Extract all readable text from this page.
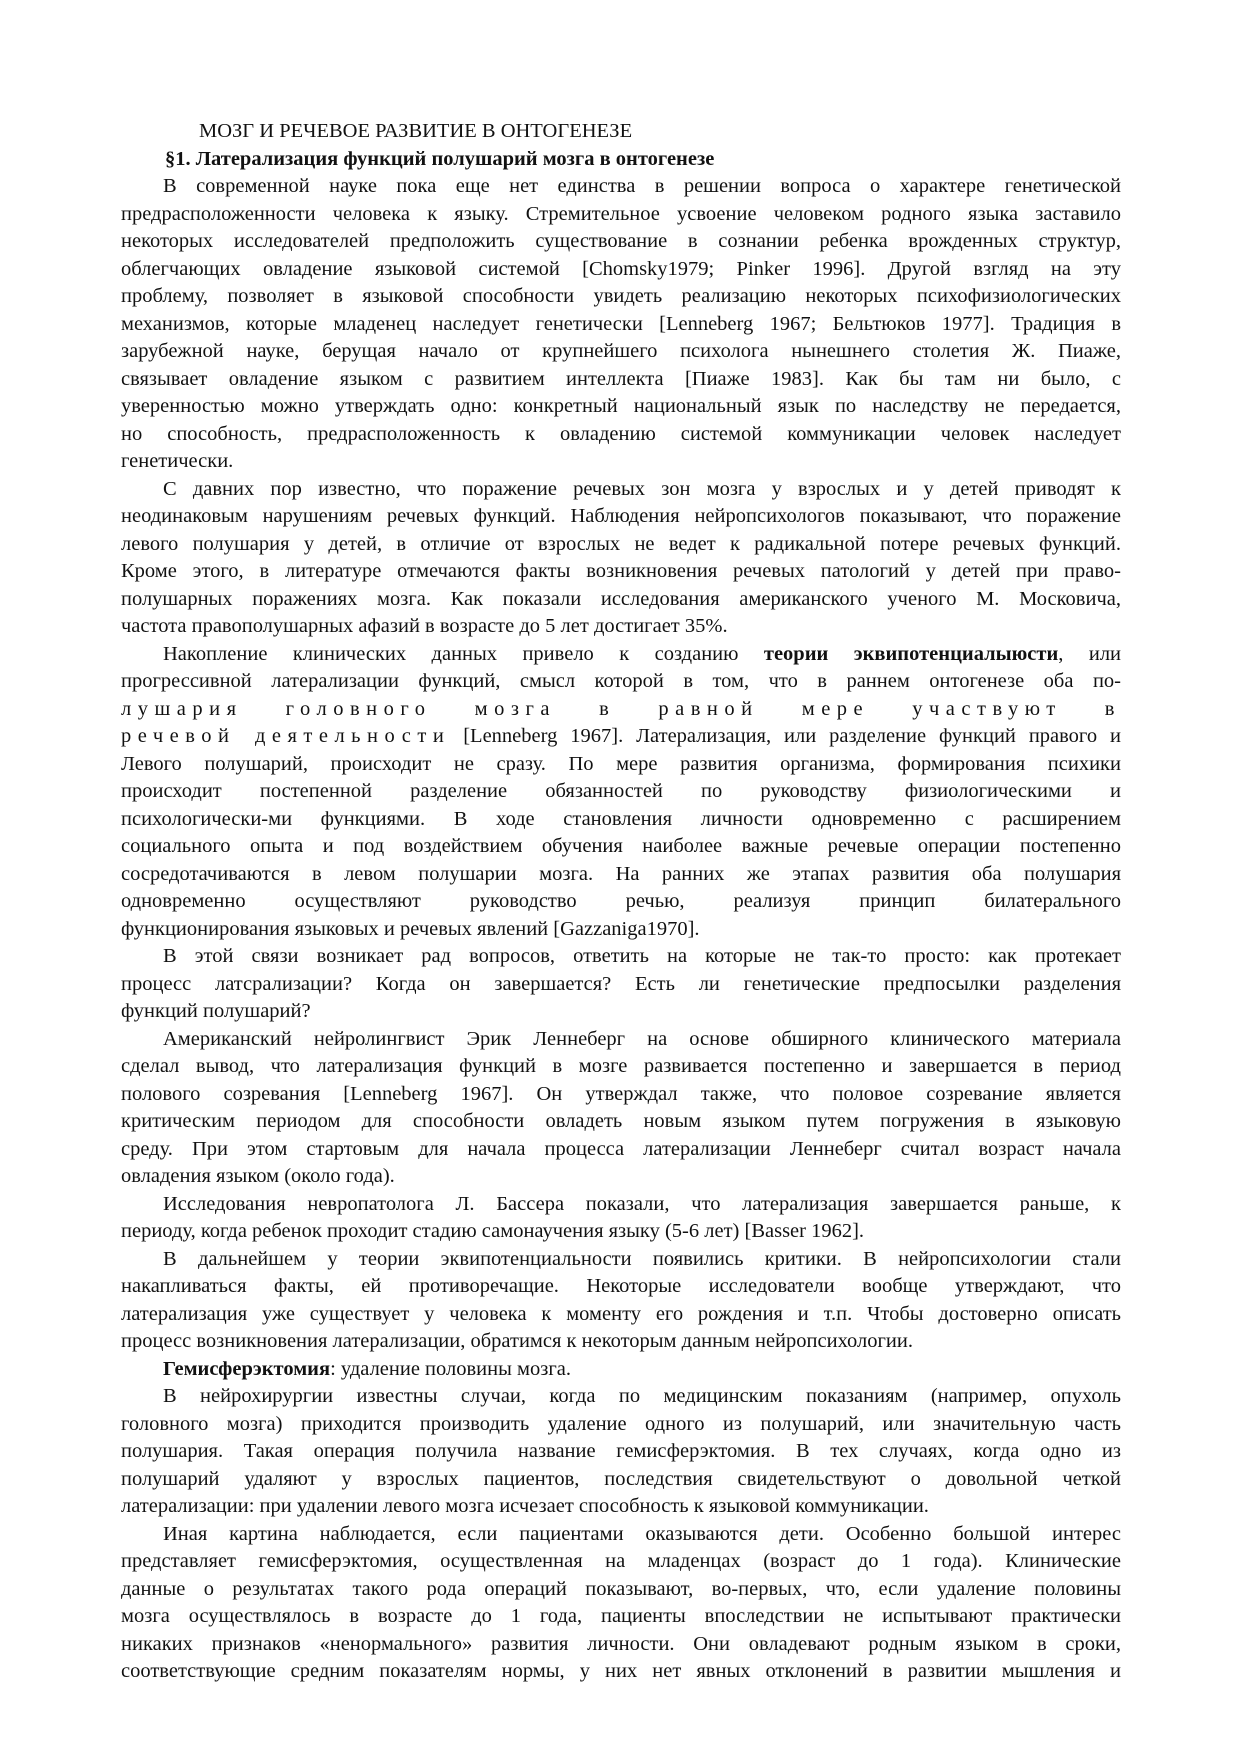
МОЗГ И РЕЧЕВОЕ РАЗВИТИЕ В ОНТОГЕНЕЗЕ
§1. Латерализация функций полушарий мозга в онтогенезе
В современной науке пока еще нет единства в решении вопроса о характере генетической
предрасположенности человека к языку. Стремительное усвоение человеком родного языка заставило
некоторых исследователей предположить существование в сознании ребенка врожденных структур,
облегчающих овладение языковой системой [Chomsky1979; Pinker 1996]. Другой взгляд на эту
проблему, позволяет в языковой способности увидеть реализацию некоторых психофизиологических
механизмов, которые младенец наследует генетически [Lenneberg 1967; Бельтюков 1977]. Традиция в
зарубежной науке, берущая начало от крупнейшего психолога нынешнего столетия Ж. Пиаже,
связывает овладение языком с развитием интеллекта [Пиаже 1983]. Как бы там ни было, с
уверенностью можно утверждать одно: конкретный национальный язык по наследству не передается,
но способность, предрасположенность к овладению системой коммуникации человек наследует
генетически.
С давних пор известно, что поражение речевых зон мозга у взрослых и у детей приводят к
неодинаковым нарушениям речевых функций. Наблюдения нейропсихологов показывают, что поражение
левого полушария у детей, в отличие от взрослых не ведет к радикальной потере речевых функций.
Кроме этого, в литературе отмечаются факты возникновения речевых патологий у детей при право-
полушарных поражениях мозга. Как показали исследования американского ученого М. Московича,
частота правополушарных афазий в возрасте до 5 лет достигает 35%.
Накопление клинических данных привело к созданию теории эквипотенциалыюсти, или
прогрессивной латерализации функций, смысл которой в том, что в раннем онтогенезе оба по-
лушария головного мозга в равной мере участвуют в
речевой деятельности [Lenneberg 1967]. Латерализация, или разделение функций правого и
Левого полушарий, происходит не сразу. По мере развития организма, формирования психики
происходит постепенной разделение обязанностей по руководству физиологическими и
психологически-ми функциями. В ходе становления личности одновременно с расширением
социального опыта и под воздействием обучения наиболее важные речевые операции постепенно
сосредотачиваются в левом полушарии мозга. На ранних же этапах развития оба полушария
одновременно осуществляют руководство речью, реализуя принцип билатерального
функционирования языковых и речевых явлений [Gazzaniga1970].
В этой связи возникает рад вопросов, ответить на которые не так-то просто: как протекает
процесс латсрализации? Когда он завершается? Есть ли генетические предпосылки разделения
функций полушарий?
Американский нейролингвист Эрик Леннеберг на основе обширного клинического материала
сделал вывод, что латерализация функций в мозге развивается постепенно и завершается в период
полового созревания [Lenneberg 1967]. Он утверждал также, что половое созревание является
критическим периодом для способности овладеть новым языком путем погружения в языковую
среду. При этом стартовым для начала процесса латерализации Леннеберг считал возраст начала
овладения языком (около года).
Исследования невропатолога Л. Бассера показали, что латерализация завершается раньше, к
периоду, когда ребенок проходит стадию самонаучения языку (5-6 лет) [Basser 1962].
В дальнейшем у теории эквипотенциальности появились критики. В нейропсихологии стали
накапливаться факты, ей противоречащие. Некоторые исследователи вообще утверждают, что
латерализация уже существует у человека к моменту его рождения и т.п. Чтобы достоверно описать
процесс возникновения латерализации, обратимся к некоторым данным нейропсихологии.
Гемисферэктомия: удаление половины мозга.
В нейрохирургии известны случаи, когда по медицинским показаниям (например, опухоль
головного мозга) приходится производить удаление одного из полушарий, или значительную часть
полушария. Такая операция получила название гемисферэктомия. В тех случаях, когда одно из
полушарий удаляют у взрослых пациентов, последствия свидетельствуют о довольной четкой
латерализации: при удалении левого мозга исчезает способность к языковой коммуникации.
Иная картина наблюдается, если пациентами оказываются дети. Особенно большой интерес
представляет гемисферэктомия, осуществленная на младенцах (возраст до 1 года). Клинические
данные о результатах такого рода операций показывают, во-первых, что, если удаление половины
мозга осуществлялось в возрасте до 1 года, пациенты впоследствии не испытывают практически
никаких признаков «ненормального» развития личности. Они овладевают родным языком в сроки,
соответствующие средним показателям нормы, у них нет явных отклонений в развитии мышления и
